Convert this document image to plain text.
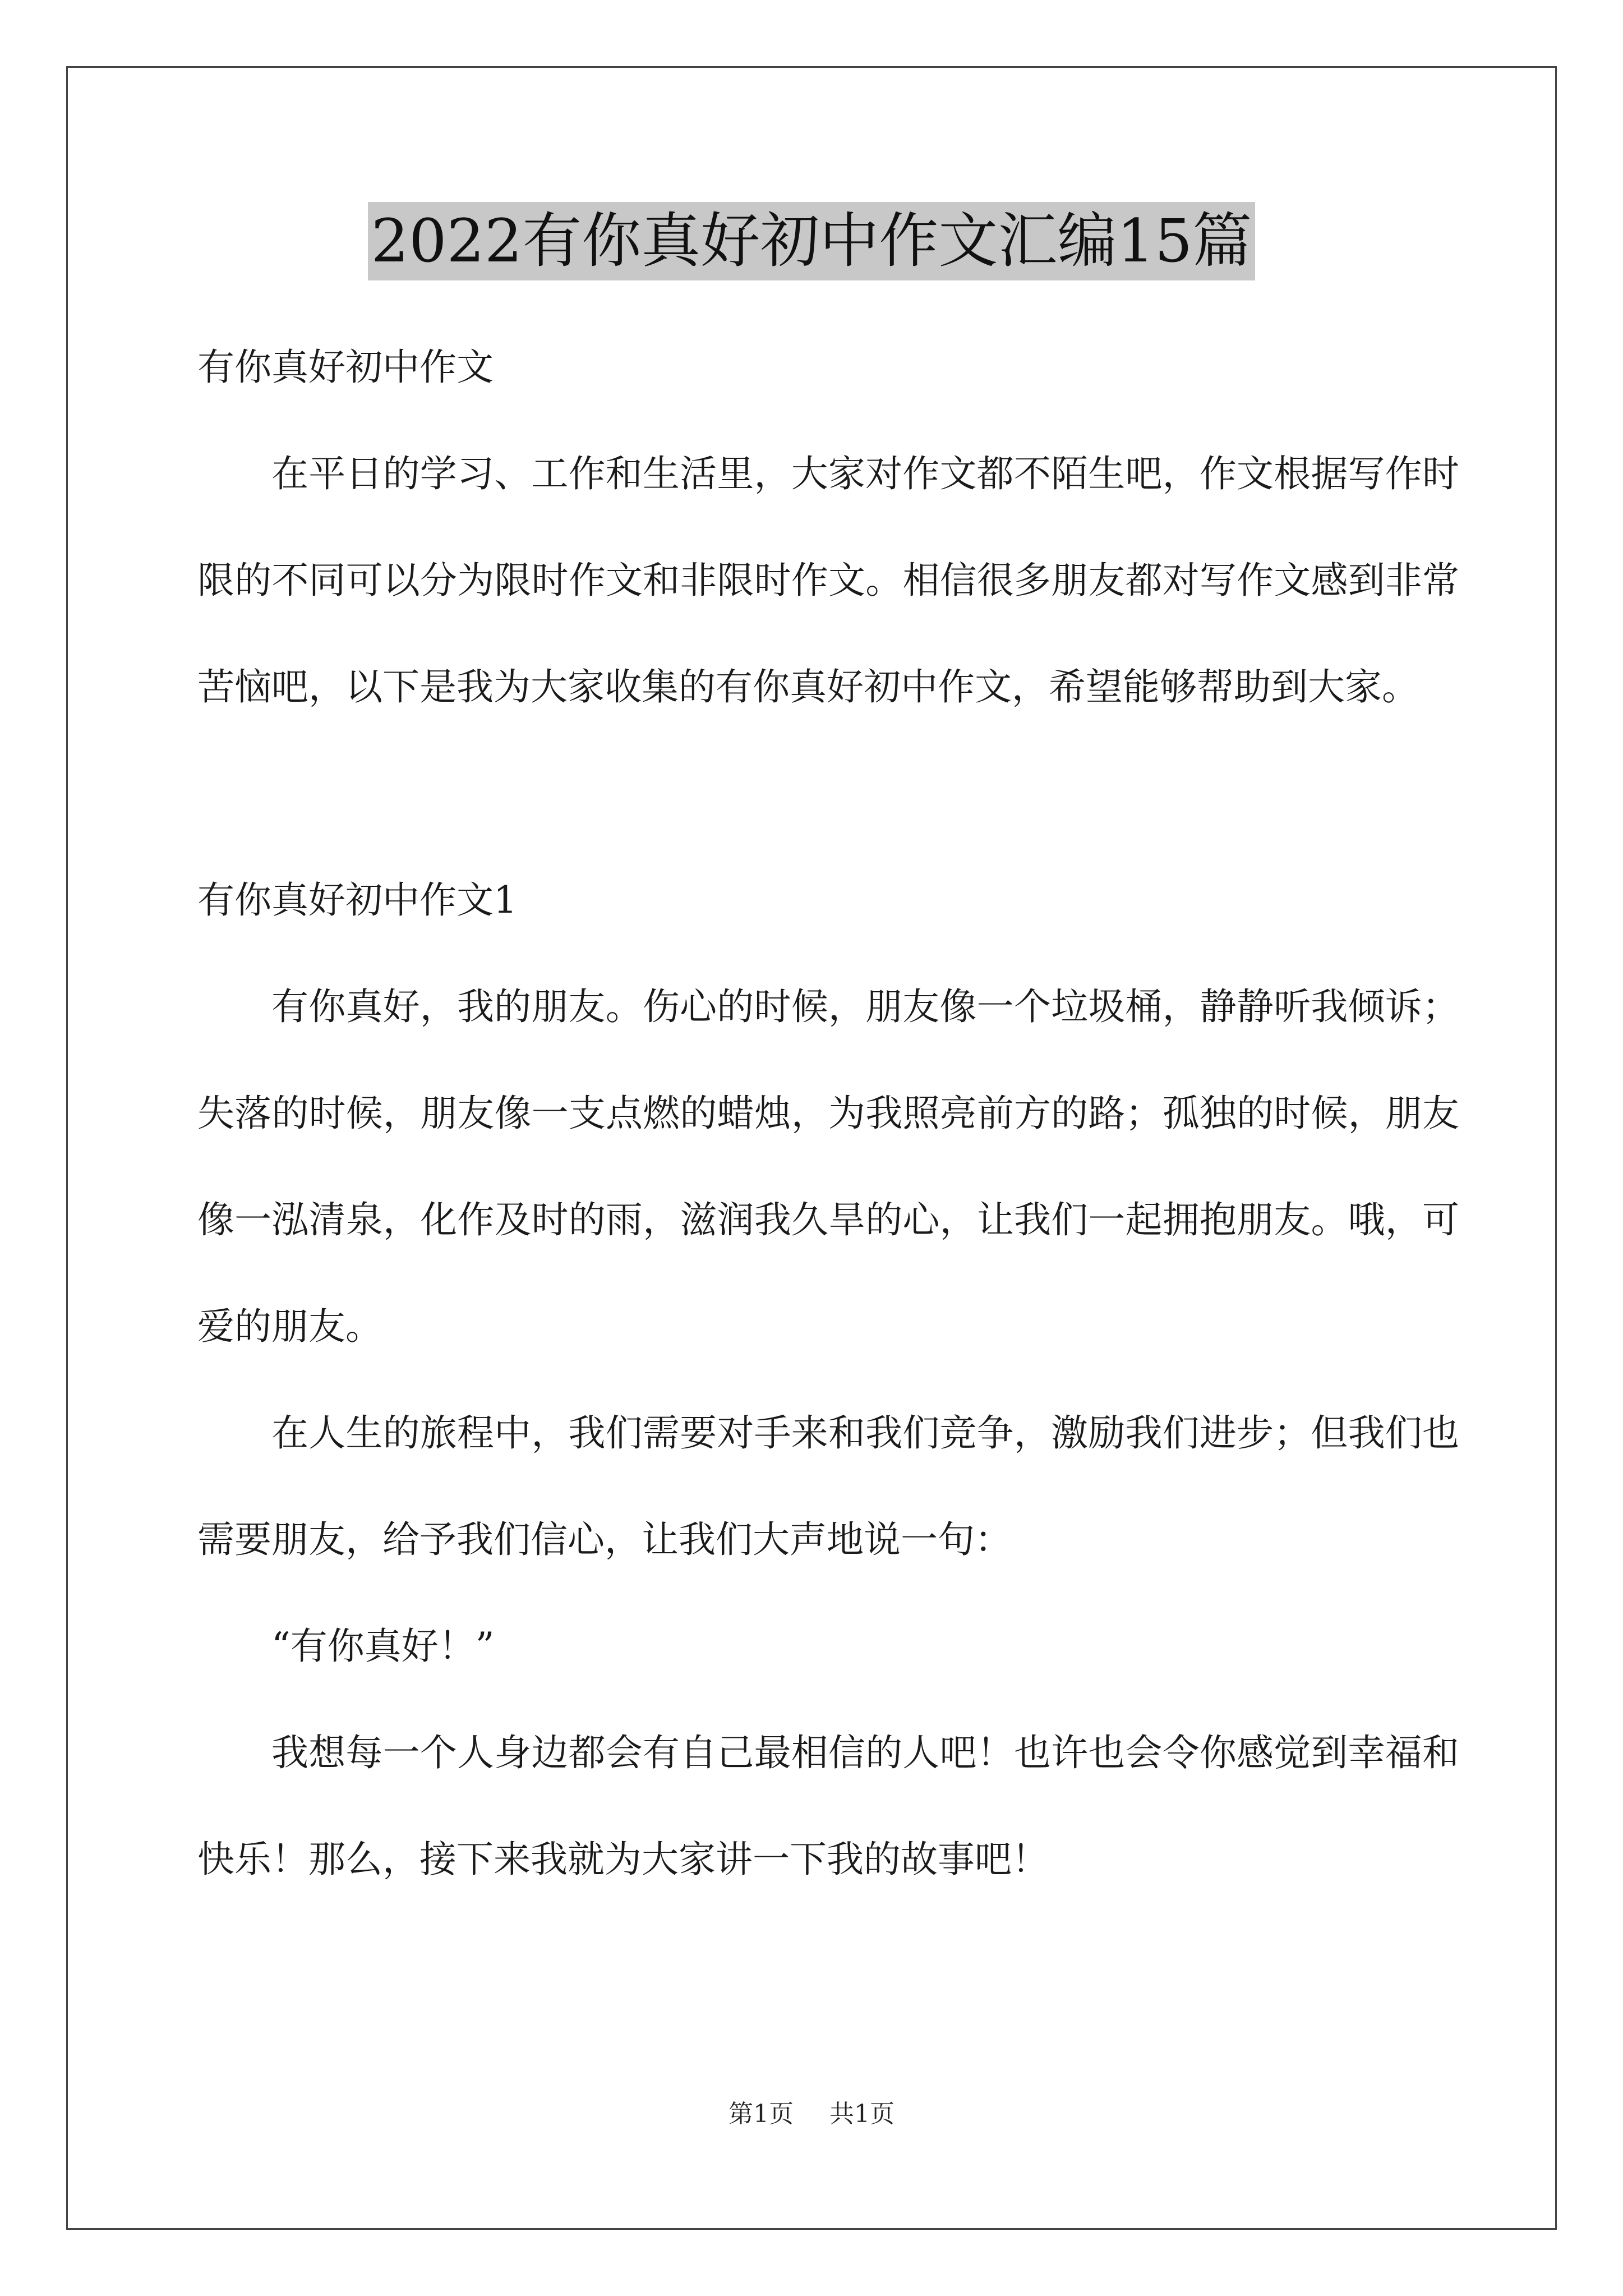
2022有你真好初中作文汇编15篇

有你真好初中作文

在平日的学习、工作和生活里，大家对作文都不陌生吧，作文根据写作时限的不同可以分为限时作文和非限时作文。相信很多朋友都对写作文感到非常苦恼吧，以下是我为大家收集的有你真好初中作文，希望能够帮助到大家。

有你真好初中作文1

有你真好，我的朋友。伤心的时候，朋友像一个垃圾桶，静静听我倾诉；失落的时候，朋友像一支点燃的蜡烛，为我照亮前方的路；孤独的时候，朋友像一泓清泉，化作及时的雨，滋润我久旱的心，让我们一起拥抱朋友。哦，可爱的朋友。

在人生的旅程中，我们需要对手来和我们竞争，激励我们进步；但我们也需要朋友，给予我们信心，让我们大声地说一句：

“有你真好！”

我想每一个人身边都会有自己最相信的人吧！也许也会令你感觉到幸福和快乐！那么，接下来我就为大家讲一下我的故事吧！

第1页 共1页
